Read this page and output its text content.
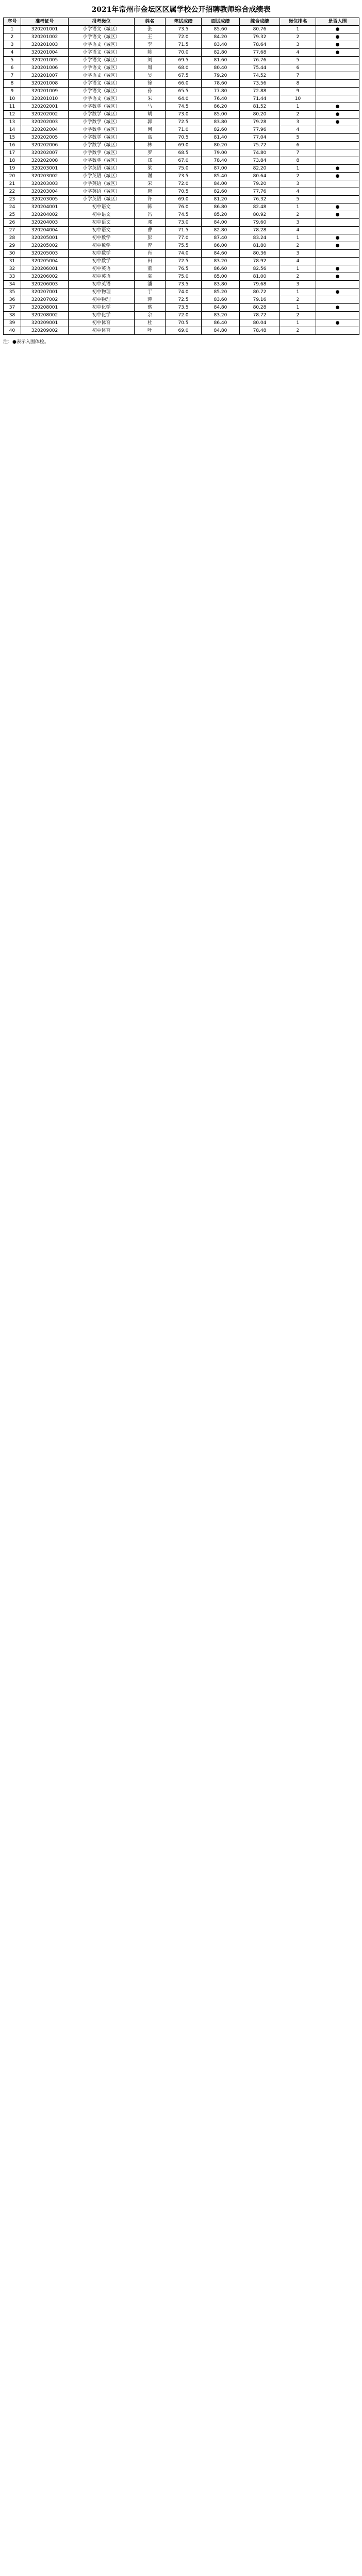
2021年常州市金坛区区属学校公开招聘教师综合成绩表
序号	准考证号	报考岗位	姓名	笔试成绩	面试成绩	综合成绩	岗位排名	是否入围
1	320201001	小学语文（城区）	张	73.5	85.60	80.76	1	●
2	320201002	小学语文（城区）	王	72.0	84.20	79.32	2	●
3	320201003	小学语文（城区）	李	71.5	83.40	78.64	3	●
4	320201004	小学语文（城区）	陈	70.0	82.80	77.68	4	●
5	320201005	小学语文（城区）	刘	69.5	81.60	76.76	5	
6	320201006	小学语文（城区）	周	68.0	80.40	75.44	6	
7	320201007	小学语文（城区）	吴	67.5	79.20	74.52	7	
8	320201008	小学语文（城区）	徐	66.0	78.60	73.56	8	
9	320201009	小学语文（城区）	孙	65.5	77.80	72.88	9	
10	320201010	小学语文（城区）	朱	64.0	76.40	71.44	10	
11	320202001	小学数学（城区）	马	74.5	86.20	81.52	1	●
12	320202002	小学数学（城区）	胡	73.0	85.00	80.20	2	●
13	320202003	小学数学（城区）	郭	72.5	83.80	79.28	3	●
14	320202004	小学数学（城区）	何	71.0	82.60	77.96	4	
15	320202005	小学数学（城区）	高	70.5	81.40	77.04	5	
16	320202006	小学数学（城区）	林	69.0	80.20	75.72	6	
17	320202007	小学数学（城区）	罗	68.5	79.00	74.80	7	
18	320202008	小学数学（城区）	郑	67.0	78.40	73.84	8	
19	320203001	小学英语（城区）	梁	75.0	87.00	82.20	1	●
20	320203002	小学英语（城区）	谢	73.5	85.40	80.64	2	●
21	320203003	小学英语（城区）	宋	72.0	84.00	79.20	3	
22	320203004	小学英语（城区）	唐	70.5	82.60	77.76	4	
23	320203005	小学英语（城区）	许	69.0	81.20	76.32	5	
24	320204001	初中语文	韩	76.0	86.80	82.48	1	●
25	320204002	初中语文	冯	74.5	85.20	80.92	2	●
26	320204003	初中语文	邓	73.0	84.00	79.60	3	
27	320204004	初中语文	曹	71.5	82.80	78.28	4	
28	320205001	初中数学	彭	77.0	87.40	83.24	1	●
29	320205002	初中数学	曾	75.5	86.00	81.80	2	●
30	320205003	初中数学	肖	74.0	84.60	80.36	3	
31	320205004	初中数学	田	72.5	83.20	78.92	4	
32	320206001	初中英语	董	76.5	86.60	82.56	1	●
33	320206002	初中英语	袁	75.0	85.00	81.00	2	●
34	320206003	初中英语	潘	73.5	83.80	79.68	3	
35	320207001	初中物理	于	74.0	85.20	80.72	1	●
36	320207002	初中物理	蒋	72.5	83.60	79.16	2	
37	320208001	初中化学	蔡	73.5	84.80	80.28	1	●
38	320208002	初中化学	余	72.0	83.20	78.72	2	
39	320209001	初中体育	杜	70.5	86.40	80.04	1	●
40	320209002	初中体育	叶	69.0	84.80	78.48	2	
注：●表示入围体检。
